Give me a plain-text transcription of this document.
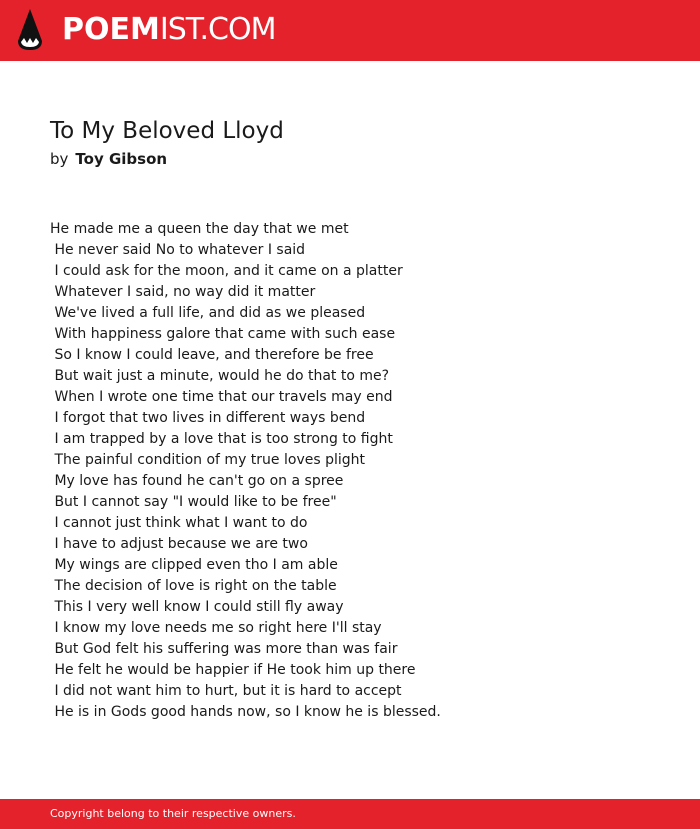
POEMIST.COM
To My Beloved Lloyd
by Toy Gibson
He made me a queen the day that we met
He never said No to whatever I said
I could ask for the moon, and it came on a platter
Whatever I said, no way did it matter
We've lived a full life, and did as we pleased
With happiness galore that came with such ease
So I know I could leave, and therefore be free
But wait just a minute, would he do that to me?
When I wrote one time that our travels may end
I forgot that two lives in different ways bend
I am trapped by a love that is too strong to fight
The painful condition of my true loves plight
My love has found he can't go on a spree
But I cannot say "I would like to be free"
I cannot just think what I want to do
I have to adjust because we are two
My wings are clipped even tho I am able
The decision of love is right on the table
This I very well know I could still fly away
I know my love needs me so right here I'll stay
But God felt his suffering was more than was fair
He felt he would be happier if He took him up there
I did not want him to hurt, but it is hard to accept
He is in Gods good hands now, so I know he is blessed.
Copyright belong to their respective owners.
